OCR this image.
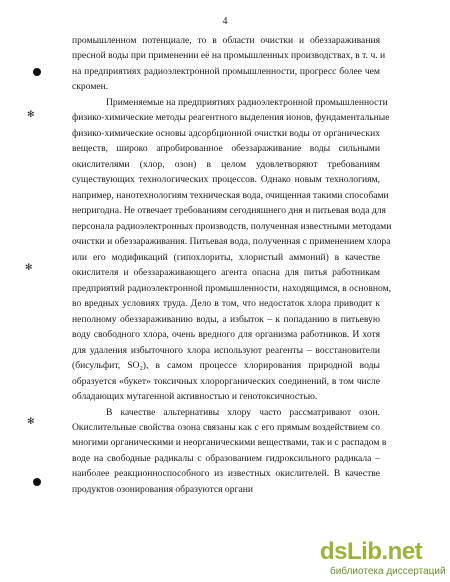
4

промышленном потенциале, то в области очистки и обеззараживания

пресной воды при применении её на промышленных производствах, в т. ч. и

на предприятиях радиоэлектронной промышленности, прогресс более чем

скромен.

Применяемые на предприятиях радиоэлектронной промышленности

физико-химические методы реагентного выделения ионов, фундаментальные

физико-химические основы адсорбционной очистки воды от органических

веществ, широко апробированное обеззараживание воды сильными

окислителями (хлор, озон) в целом удовлетворяют требованиям

существующих технологических процессов. Однако новым технологиям,

например, нанотехнологиям техническая вода, очищенная такими способами

непригодна. Не отвечает требованиям сегодняшнего дня и питьевая вода для

персонала радиоэлектронных производств, полученная известными методами

очистки и обеззараживания. Питьевая вода, полученная с применением хлора

или его модификаций (гипохлориты, хлористый аммоний) в качестве

окислителя и обеззараживающего агента опасна для питья работникам

предприятий радиоэлектронной промышленности, находящимся, в основном,

во вредных условиях труда. Дело в том, что недостаток хлора приводит к

неполному обеззараживанию воды, а избыток – к попаданию в питьевую

воду свободного хлора, очень вредного для организма работников. И хотя

для удаления избыточного хлора используют реагенты – восстановители

(бисульфит, SO₂), в самом процессе хлорирования природной воды

образуется «букет» токсичных хлорорганических соединений, в том числе

обладающих мутагенной активностью и генотоксичностью.

В качестве альтернативы хлору часто рассматривают озон.

Окислительные свойства озона связаны как с его прямым воздействием со

многими органическими и неорганическими веществами, так и с распадом в

воде на свободные радикалы с образованием гидроксильного радикала –

наиболее реакционноспособного из известных окислителей. В качестве

продуктов озонирования образуются органи

✻
✻
✻
dsLib.net
библиотека диссертаций
